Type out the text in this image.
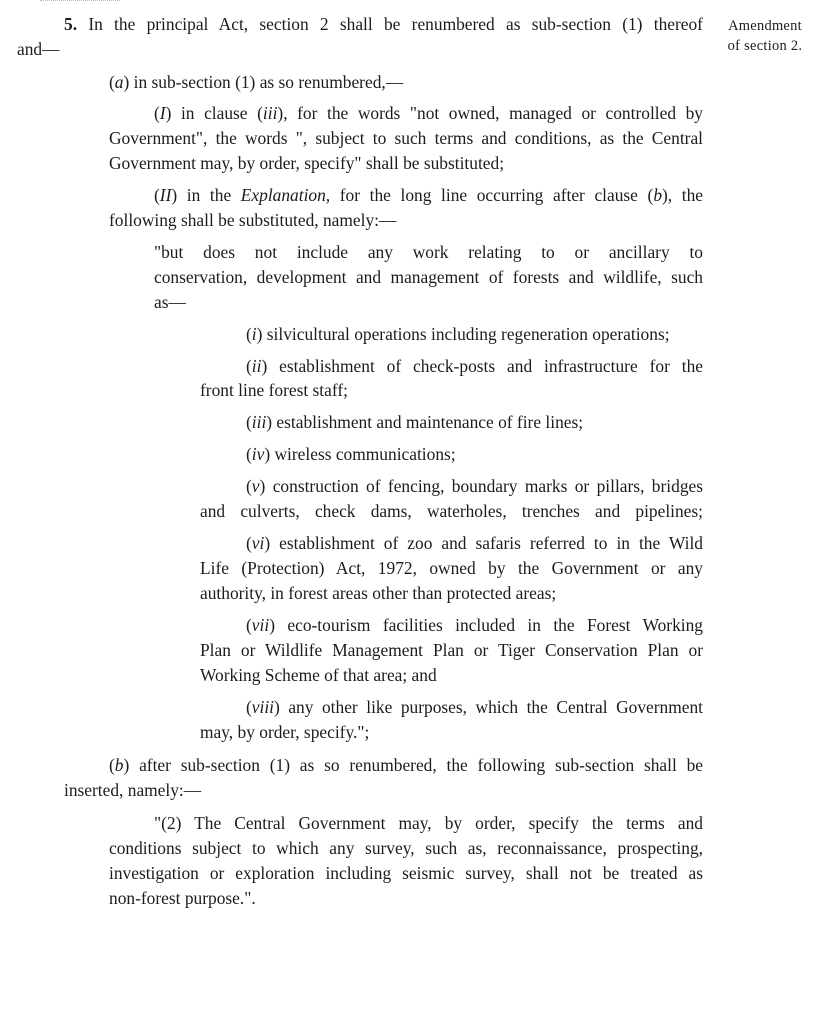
5. In the principal Act, section 2 shall be renumbered as sub-section (1) thereof
and—
Amendment
of section 2.
(a) in sub-section (1) as so renumbered,—
(I) in clause (iii), for the words "not owned, managed or controlled by
Government", the words ", subject to such terms and conditions, as the Central
Government may, by order, specify" shall be substituted;
(II) in the Explanation, for the long line occurring after clause (b), the
following shall be substituted, namely:—
"but does not include any work relating to or ancillary to
conservation, development and management of forests and wildlife, such
as—
(i) silvicultural operations including regeneration operations;
(ii) establishment of check-posts and infrastructure for the
front line forest staff;
(iii) establishment and maintenance of fire lines;
(iv) wireless communications;
(v) construction of fencing, boundary marks or pillars, bridges
and culverts, check dams, waterholes, trenches and pipelines;
(vi) establishment of zoo and safaris referred to in the Wild
Life (Protection) Act, 1972, owned by the Government or any
authority, in forest areas other than protected areas;
(vii) eco-tourism facilities included in the Forest Working
Plan or Wildlife Management Plan or Tiger Conservation Plan or
Working Scheme of that area; and
(viii) any other like purposes, which the Central Government
may, by order, specify.";
(b) after sub-section (1) as so renumbered, the following sub-section shall be
inserted, namely:—
"(2) The Central Government may, by order, specify the terms and
conditions subject to which any survey, such as, reconnaissance, prospecting,
investigation or exploration including seismic survey, shall not be treated as
non-forest purpose.".
